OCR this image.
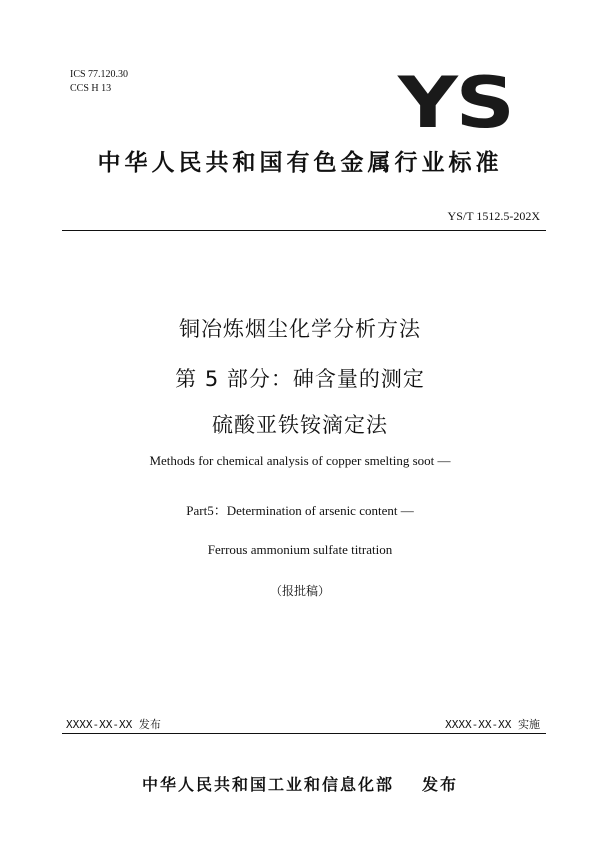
ICS 77.120.30
CCS H 13	YS
中华人民共和国有色金属行业标准
YS/T 1512.5-202X
铜冶炼烟尘化学分析方法
第 5 部分：砷含量的测定
硫酸亚铁铵滴定法
Methods for chemical analysis of copper smelting soot —
Part5：Determination of arsenic content —
Ferrous ammonium sulfate titration
（报批稿）
XXXX-XX-XX 发布	XXXX-XX-XX 实施
中华人民共和国工业和信息化部 发布
